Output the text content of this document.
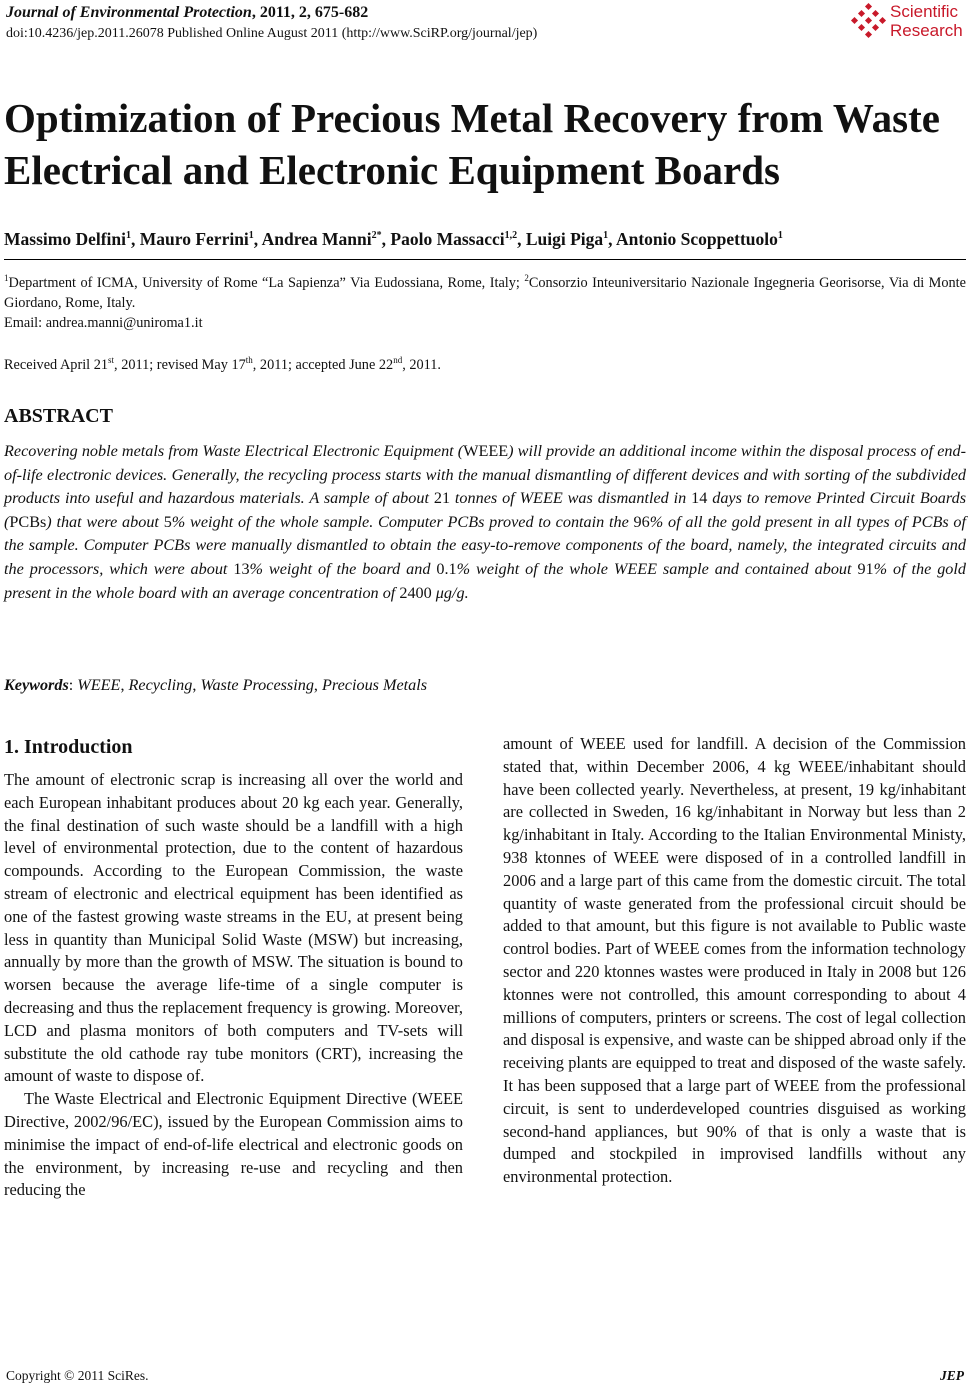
Journal of Environmental Protection, 2011, 2, 675-682
doi:10.4236/jep.2011.26078 Published Online August 2011 (http://www.SciRP.org/journal/jep)
Scientific
Research
Optimization of Precious Metal Recovery from Waste Electrical and Electronic Equipment Boards
Massimo Delfini$^1$, Mauro Ferrini$^1$, Andrea Manni$^{2*}$, Paolo Massacci$^{1,2}$, Luigi Piga$^1$, Antonio Scoppettuolo$^1$
$^1$Department of ICMA, University of Rome “La Sapienza” Via Eudossiana, Rome, Italy; $^2$Consorzio Inteuniversitario Nazionale Ingegneria Georisorse, Via di Monte Giordano, Rome, Italy.
Email: andrea.manni@uniroma1.it
Received April 21st, 2011; revised May 17th, 2011; accepted June 22nd, 2011.
ABSTRACT

Recovering noble metals from Waste Electrical Electronic Equipment (WEEE) will provide an additional income within the disposal process of end-of-life electronic devices. Generally, the recycling process starts with the manual dismantling of different devices and with sorting of the subdivided products into useful and hazardous materials. A sample of about 21 tonnes of WEEE was dismantled in 14 days to remove Printed Circuit Boards (PCBs) that were about 5% weight of the whole sample. Computer PCBs proved to contain the 96% of all the gold present in all types of PCBs of the sample. Computer PCBs were manually dismantled to obtain the easy-to-remove components of the board, namely, the integrated circuits and the processors, which were about 13% weight of the board and 0.1% weight of the whole WEEE sample and contained about 91% of the gold present in the whole board with an average concentration of 2400 μg/g.

Keywords: WEEE, Recycling, Waste Processing, Precious Metals
1. Introduction

The amount of electronic scrap is increasing all over the world and each European inhabitant produces about 20 kg each year. Generally, the final destination of such waste should be a landfill with a high level of environmental protection, due to the content of hazardous compounds. According to the European Commission, the waste stream of electronic and electrical equipment has been identified as one of the fastest growing waste streams in the EU, at present being less in quantity than Municipal Solid Waste (MSW) but increasing, annually by more than the growth of MSW. The situation is bound to worsen because the average life-time of a single computer is decreasing and thus the replacement frequency is growing. Moreover, LCD and plasma monitors of both computers and TV-sets will substitute the old cathode ray tube monitors (CRT), increasing the amount of waste to dispose of.

The Waste Electrical and Electronic Equipment Directive (WEEE Directive, 2002/96/EC), issued by the European Commission aims to minimise the impact of end-of-life electrical and electronic goods on the environment, by increasing re-use and recycling and then reducing the

amount of WEEE used for landfill. A decision of the Commission stated that, within December 2006, 4 kg WEEE/inhabitant should have been collected yearly. Nevertheless, at present, 19 kg/inhabitant are collected in Sweden, 16 kg/inhabitant in Norway but less than 2 kg/inhabitant in Italy. According to the Italian Environmental Ministy, 938 ktonnes of WEEE were disposed of in a controlled landfill in 2006 and a large part of this came from the domestic circuit. The total quantity of waste generated from the professional circuit should be added to that amount, but this figure is not available to Public waste control bodies. Part of WEEE comes from the information technology sector and 220 ktonnes wastes were produced in Italy in 2008 but 126 ktonnes were not controlled, this amount corresponding to about 4 millions of computers, printers or screens. The cost of legal collection and disposal is expensive, and waste can be shipped abroad only if the receiving plants are equipped to treat and disposed of the waste safely. It has been supposed that a large part of WEEE from the professional circuit, is sent to underdeveloped countries disguised as working second-hand appliances, but 90% of that is only a waste that is dumped and stockpiled in improvised landfills without any environmental protection.

Copyright © 2011 SciRes.	JEP
